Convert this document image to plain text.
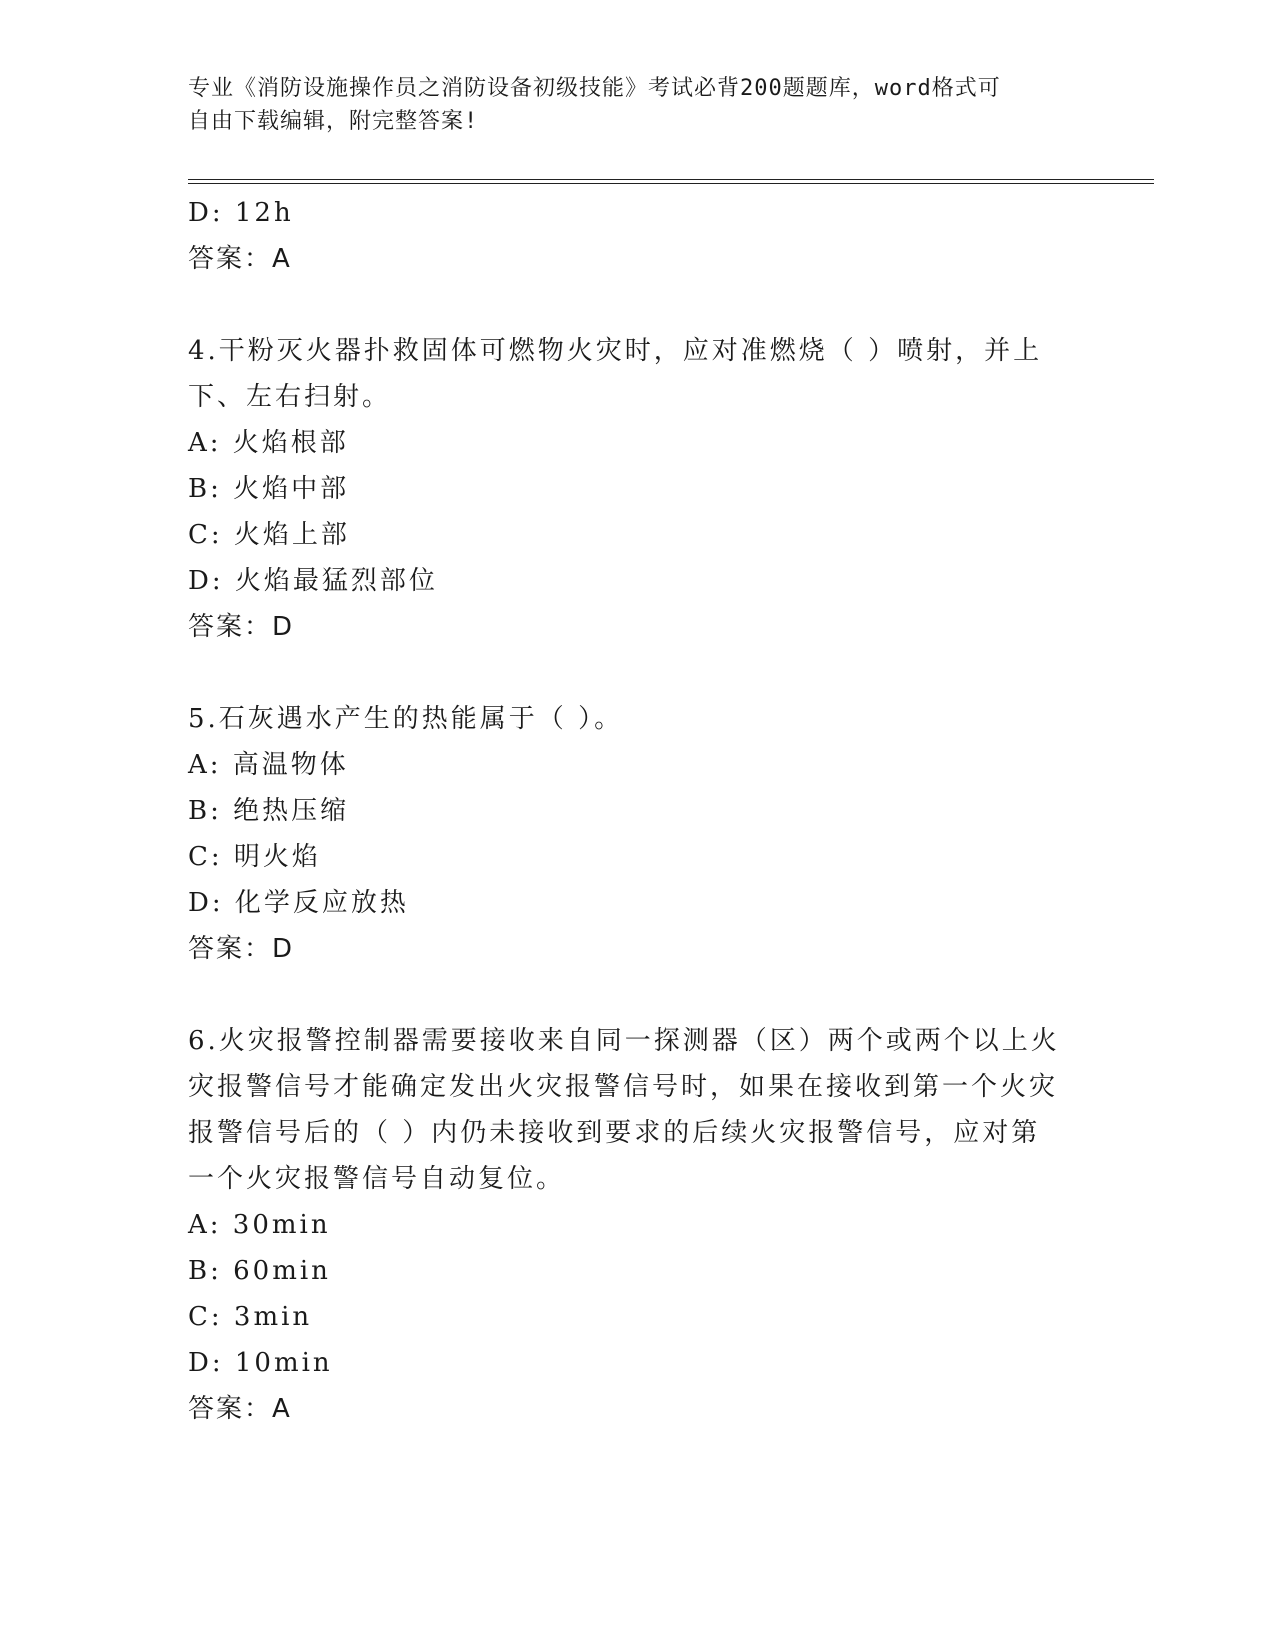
专业《消防设施操作员之消防设备初级技能》考试必背200题题库，word格式可
自由下载编辑，附完整答案!
D: 12h
答案：A
4.干粉灭火器扑救固体可燃物火灾时，应对准燃烧（ ）喷射，并上
下、左右扫射。
A: 火焰根部
B: 火焰中部
C: 火焰上部
D: 火焰最猛烈部位
答案：D
5.石灰遇水产生的热能属于（ ）。
A: 高温物体
B: 绝热压缩
C: 明火焰
D: 化学反应放热
答案：D
6.火灾报警控制器需要接收来自同一探测器（区）两个或两个以上火
灾报警信号才能确定发出火灾报警信号时，如果在接收到第一个火灾
报警信号后的（ ）内仍未接收到要求的后续火灾报警信号，应对第
一个火灾报警信号自动复位。
A: 30min
B: 60min
C: 3min
D: 10min
答案：A
